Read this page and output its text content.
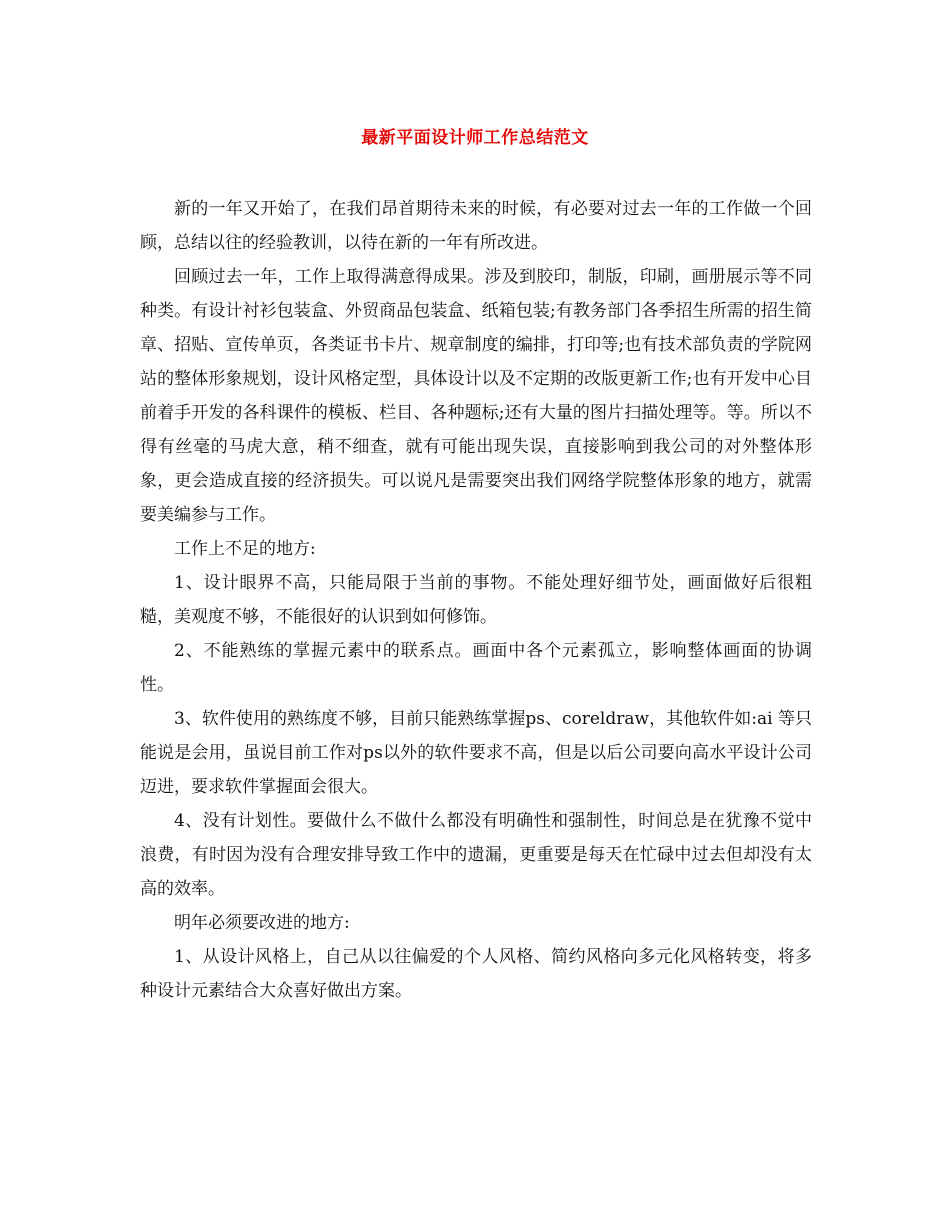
最新平面设计师工作总结范文

新的一年又开始了，在我们昂首期待未来的时候，有必要对过去一年的工作做一个回顾，总结以往的经验教训，以待在新的一年有所改进。

回顾过去一年，工作上取得满意得成果。涉及到胶印，制版，印刷，画册展示等不同种类。有设计衬衫包装盒、外贸商品包装盒、纸箱包装;有教务部门各季招生所需的招生简章、招贴、宣传单页，各类证书卡片、规章制度的编排，打印等;也有技术部负责的学院网站的整体形象规划，设计风格定型，具体设计以及不定期的改版更新工作;也有开发中心目前着手开发的各科课件的模板、栏目、各种题标;还有大量的图片扫描处理等。等。所以不得有丝毫的马虎大意，稍不细查，就有可能出现失误，直接影响到我公司的对外整体形象，更会造成直接的经济损失。可以说凡是需要突出我们网络学院整体形象的地方，就需要美编参与工作。

工作上不足的地方:

1、设计眼界不高，只能局限于当前的事物。不能处理好细节处，画面做好后很粗糙，美观度不够，不能很好的认识到如何修饰。

2、不能熟练的掌握元素中的联系点。画面中各个元素孤立，影响整体画面的协调性。

3、软件使用的熟练度不够，目前只能熟练掌握ps、coreldraw，其他软件如:ai 等只能说是会用，虽说目前工作对ps以外的软件要求不高，但是以后公司要向高水平设计公司迈进，要求软件掌握面会很大。

4、没有计划性。要做什么不做什么都没有明确性和强制性，时间总是在犹豫不觉中浪费，有时因为没有合理安排导致工作中的遗漏，更重要是每天在忙碌中过去但却没有太高的效率。

明年必须要改进的地方:

1、从设计风格上，自己从以往偏爱的个人风格、简约风格向多元化风格转变，将多种设计元素结合大众喜好做出方案。
